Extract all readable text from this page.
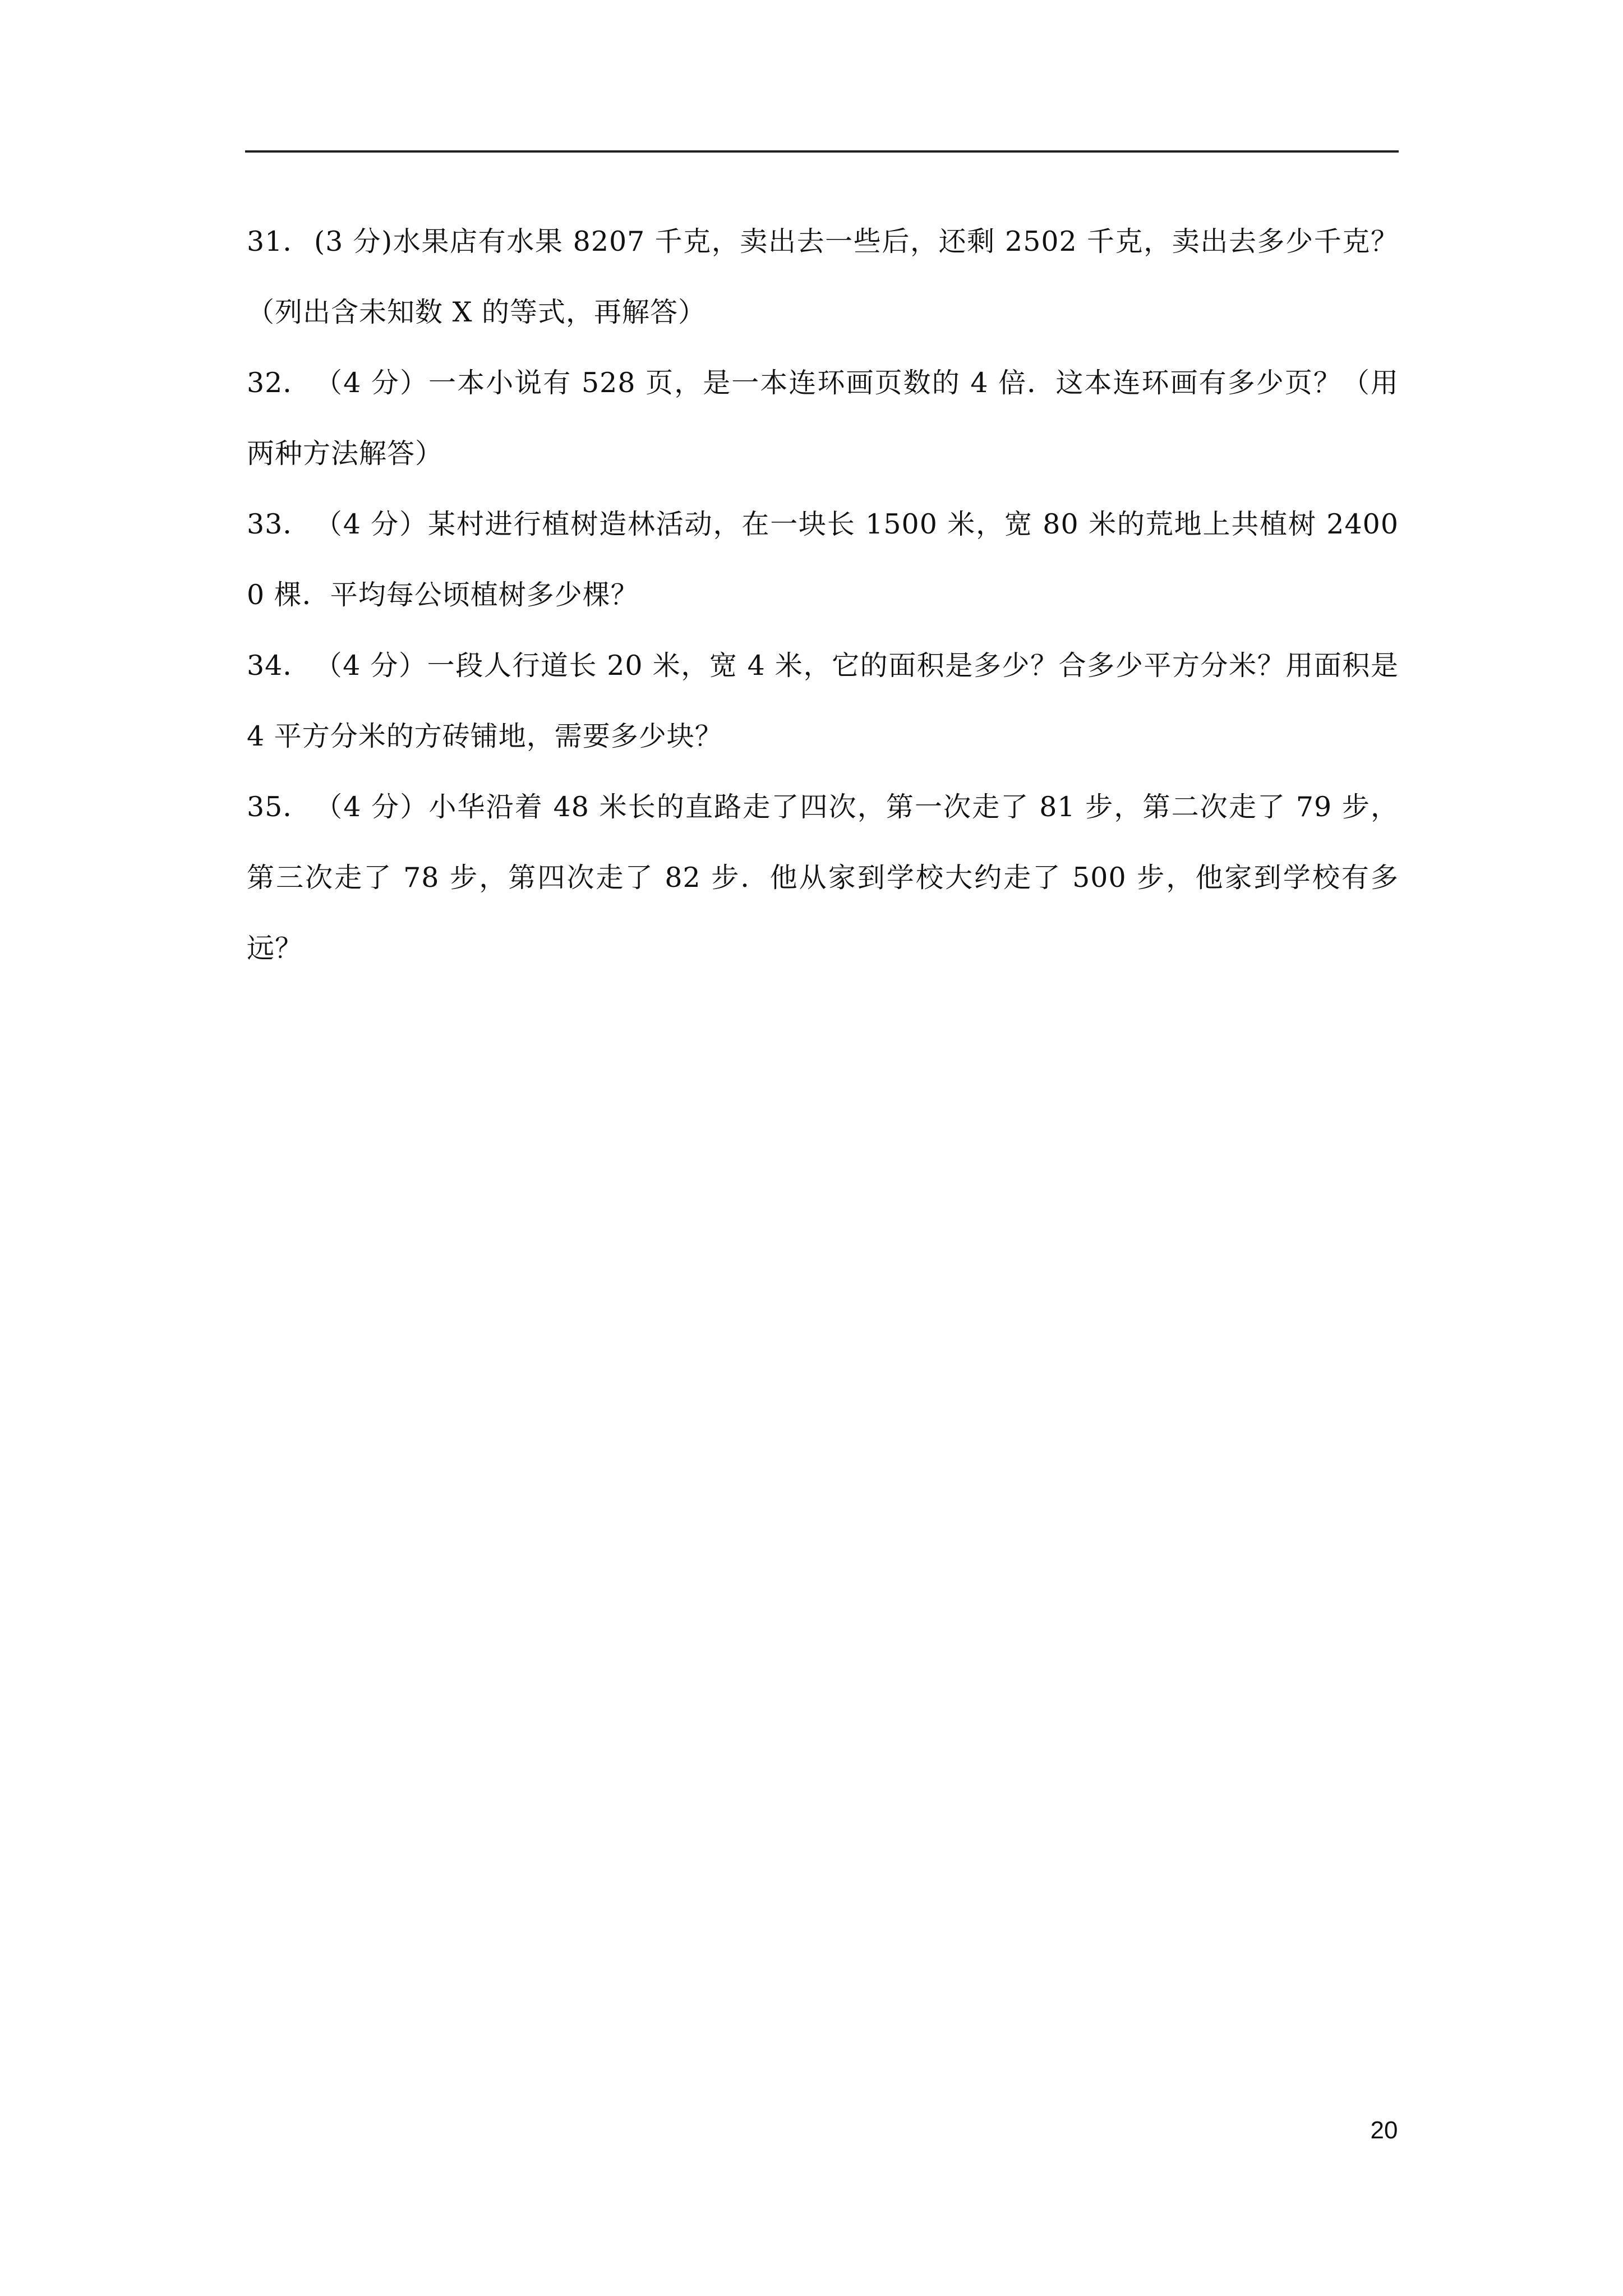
31． (3 分)水果店有水果 8207 千克，卖出去一些后，还剩 2502 千克，卖出去多少千克？（列出含未知数 X 的等式，再解答）
32． （4 分）一本小说有 528 页，是一本连环画页数的 4 倍．这本连环画有多少页？（用两种方法解答）
33． （4 分）某村进行植树造林活动，在一块长 1500 米，宽 80 米的荒地上共植树 24000 棵．平均每公顷植树多少棵？
34． （4 分）一段人行道长 20 米，宽 4 米，它的面积是多少？合多少平方分米？用面积是 4 平方分米的方砖铺地，需要多少块？
35． （4 分）小华沿着 48 米长的直路走了四次，第一次走了 81 步，第二次走了 79 步，第三次走了 78 步，第四次走了 82 步．他从家到学校大约走了 500 步，他家到学校有多远？
20
